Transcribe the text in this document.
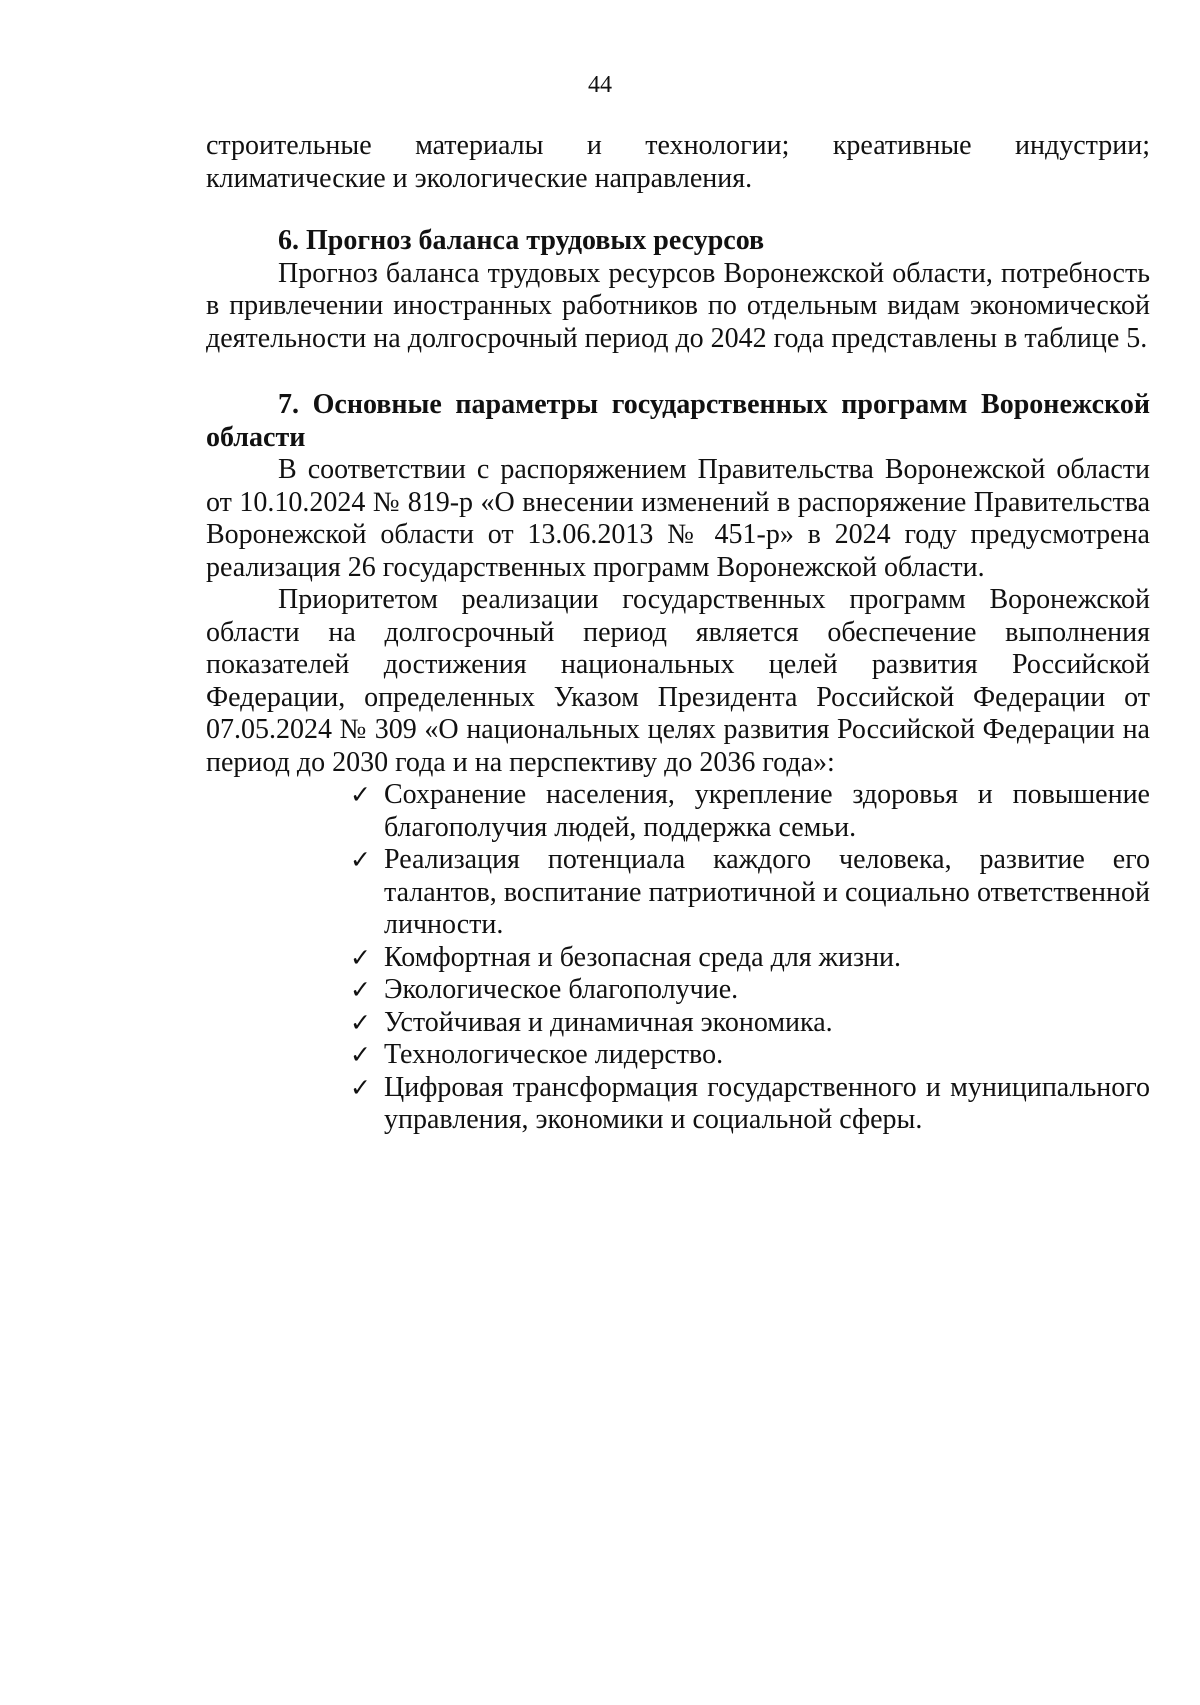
44

строительные материалы и технологии; креативные индустрии; климатические и экологические направления.

6. Прогноз баланса трудовых ресурсов

Прогноз баланса трудовых ресурсов Воронежской области, потребность в привлечении иностранных работников по отдельным видам экономической деятельности на долгосрочный период до 2042 года представлены в таблице 5.

7. Основные параметры государственных программ Воронежской области

В соответствии с распоряжением Правительства Воронежской области от 10.10.2024 № 819-р «О внесении изменений в распоряжение Правительства Воронежской области от 13.06.2013 № 451-р» в 2024 году предусмотрена реализация 26 государственных программ Воронежской области.

Приоритетом реализации государственных программ Воронежской области на долгосрочный период является обеспечение выполнения показателей достижения национальных целей развития Российской Федерации, определенных Указом Президента Российской Федерации от 07.05.2024 № 309 «О национальных целях развития Российской Федерации на период до 2030 года и на перспективу до 2036 года»:

✓ Сохранение населения, укрепление здоровья и повышение благополучия людей, поддержка семьи.
✓ Реализация потенциала каждого человека, развитие его талантов, воспитание патриотичной и социально ответственной личности.
✓ Комфортная и безопасная среда для жизни.
✓ Экологическое благополучие.
✓ Устойчивая и динамичная экономика.
✓ Технологическое лидерство.
✓ Цифровая трансформация государственного и муниципального управления, экономики и социальной сферы.
